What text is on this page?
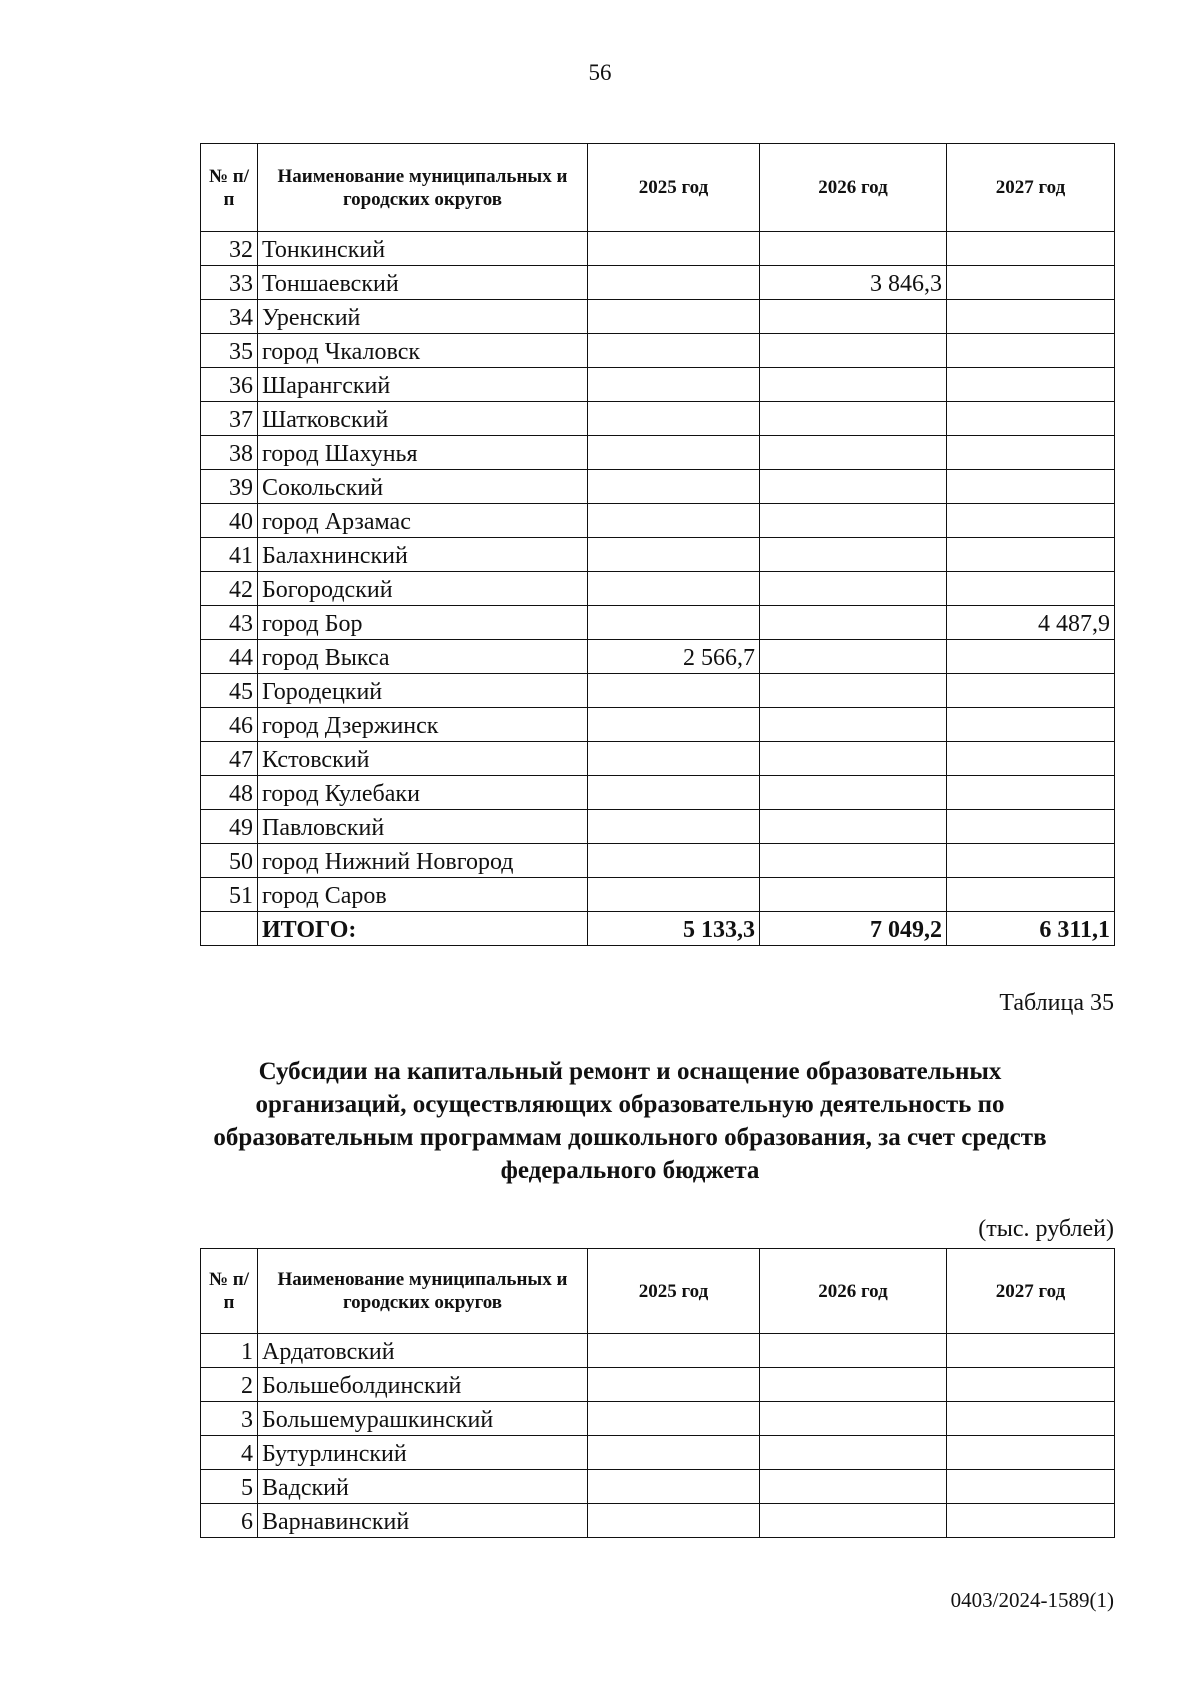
56
№ п/п	Наименование муниципальных и городских округов	2025 год	2026 год	2027 год
32	Тонкинский			
33	Тоншаевский		3 846,3	
34	Уренский			
35	город Чкаловск			
36	Шарангский			
37	Шатковский			
38	город Шахунья			
39	Сокольский			
40	город Арзамас			
41	Балахнинский			
42	Богородский			
43	город Бор			4 487,9
44	город Выкса	2 566,7		
45	Городецкий			
46	город Дзержинск			
47	Кстовский			
48	город Кулебаки			
49	Павловский			
50	город Нижний Новгород			
51	город Саров			
	ИТОГО:	5 133,3	7 049,2	6 311,1
Таблица 35
Субсидии на капитальный ремонт и оснащение образовательных организаций, осуществляющих образовательную деятельность по образовательным программам дошкольного образования, за счет средств федерального бюджета
(тыс. рублей)
№ п/п	Наименование муниципальных и городских округов	2025 год	2026 год	2027 год
1	Ардатовский			
2	Большеболдинский			
3	Большемурашкинский			
4	Бутурлинский			
5	Вадский			
6	Варнавинский			
0403/2024-1589(1)
